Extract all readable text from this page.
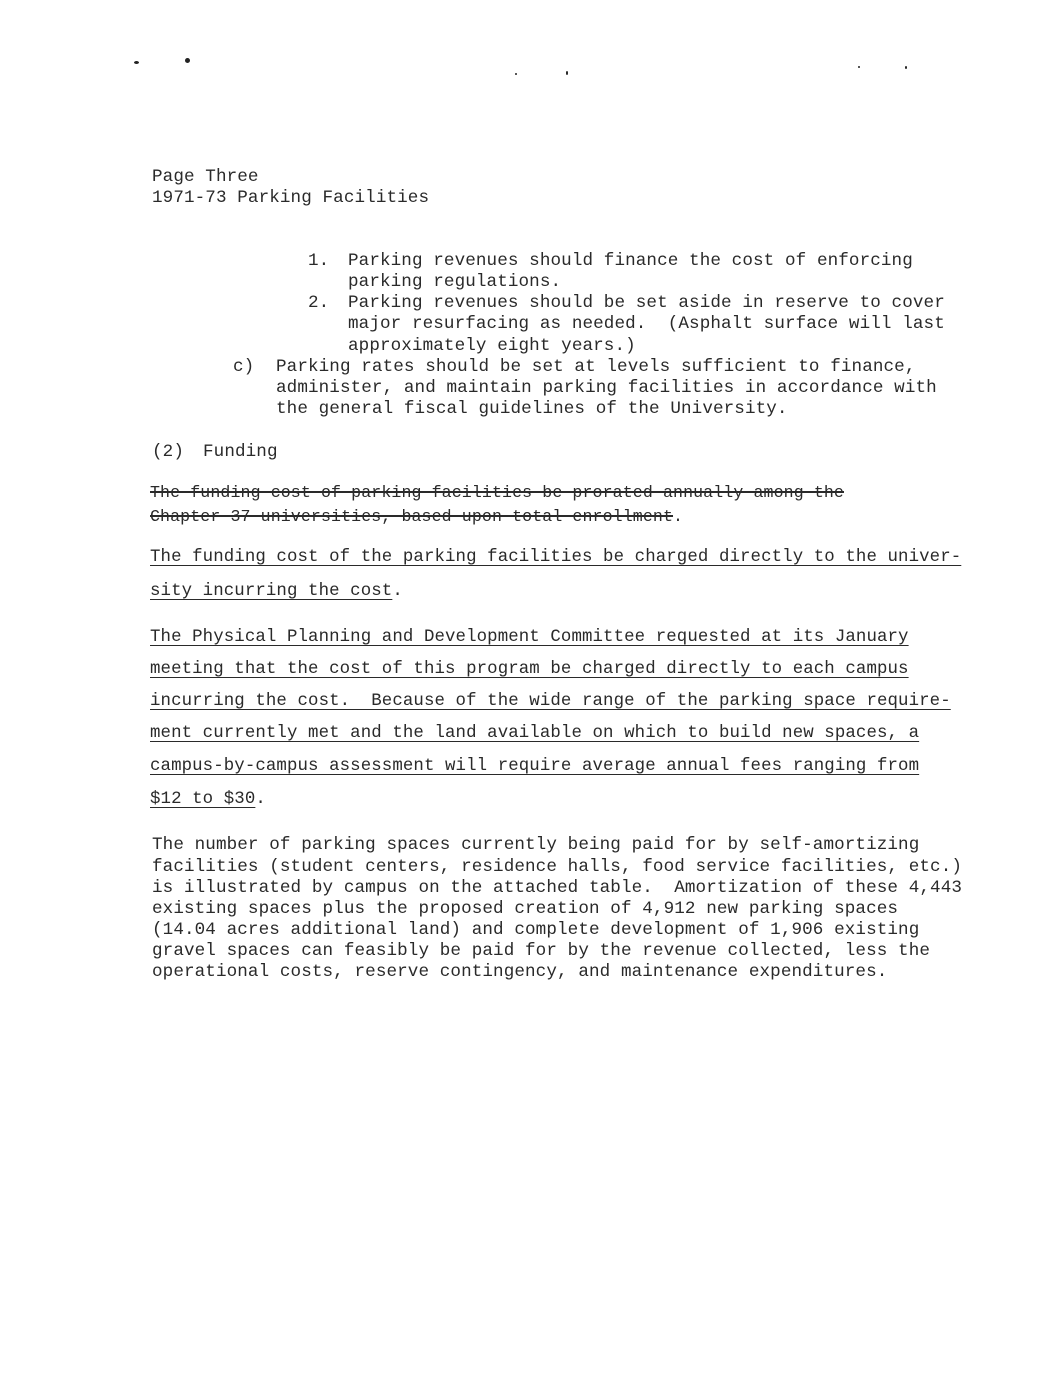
Page Three
1971-73 Parking Facilities
1. Parking revenues should finance the cost of enforcing
parking regulations.
2. Parking revenues should be set aside in reserve to cover
major resurfacing as needed.  (Asphalt surface will last
approximately eight years.)
c) Parking rates should be set at levels sufficient to finance,
administer, and maintain parking facilities in accordance with
the general fiscal guidelines of the University.
(2) Funding
The funding cost of parking facilities be prorated annually among the
Chapter 37 universities, based upon total enrollment.
The funding cost of the parking facilities be charged directly to the univer-
sity incurring the cost.
The Physical Planning and Development Committee requested at its January
meeting that the cost of this program be charged directly to each campus
incurring the cost.  Because of the wide range of the parking space require-
ment currently met and the land available on which to build new spaces, a
campus-by-campus assessment will require average annual fees ranging from
$12 to $30.
The number of parking spaces currently being paid for by self-amortizing
facilities (student centers, residence halls, food service facilities, etc.)
is illustrated by campus on the attached table.  Amortization of these 4,443
existing spaces plus the proposed creation of 4,912 new parking spaces
(14.04 acres additional land) and complete development of 1,906 existing
gravel spaces can feasibly be paid for by the revenue collected, less the
operational costs, reserve contingency, and maintenance expenditures.
